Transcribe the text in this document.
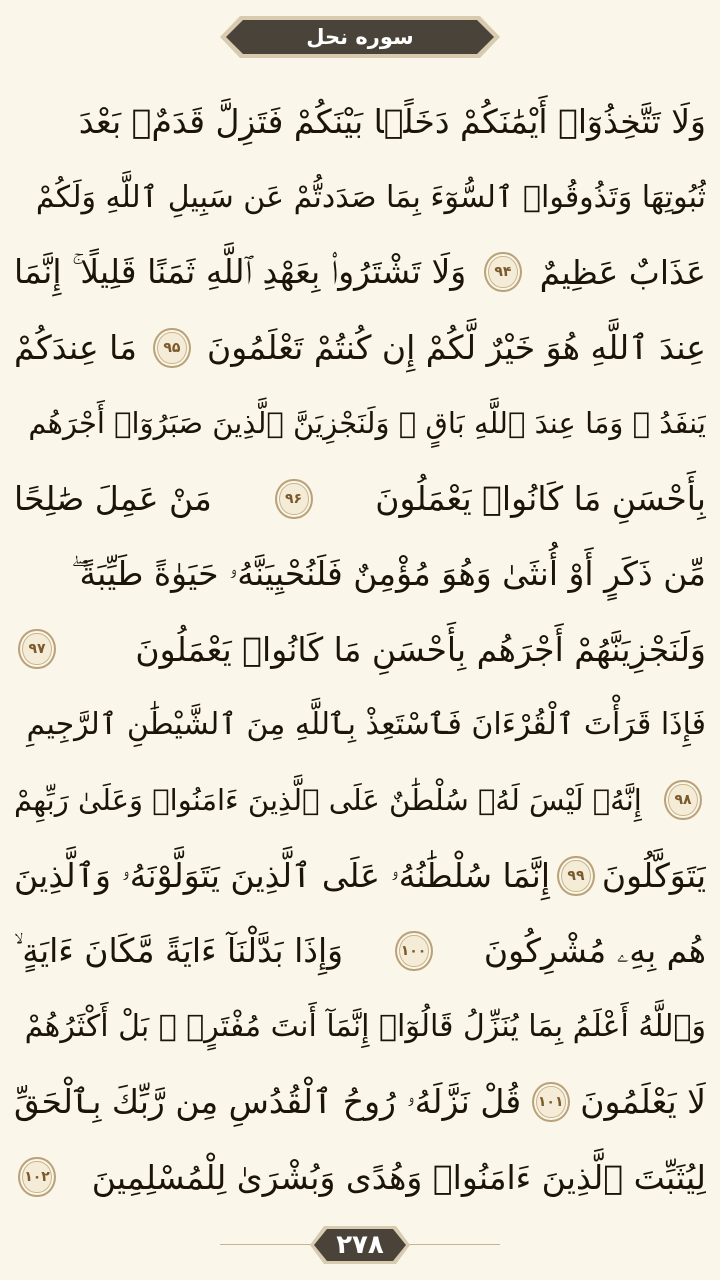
سوره نحل
وَلَا تَتَّخِذُوٓا۟ أَيْمَٰنَكُمْ دَخَلًۢا بَيْنَكُمْ فَتَزِلَّ قَدَمٌۢ بَعْدَ
ثُبُوتِهَا وَتَذُوقُوا۟ ٱلسُّوٓءَ بِمَا صَدَدتُّمْ عَن سَبِيلِ ٱللَّهِ وَلَكُمْ
عَذَابٌ عَظِيمٌ
۹۴
وَلَا تَشْتَرُوا۟ بِعَهْدِ ٱللَّهِ ثَمَنًا قَلِيلًا ۚ إِنَّمَا
عِندَ ٱللَّهِ هُوَ خَيْرٌ لَّكُمْ إِن كُنتُمْ تَعْلَمُونَ
۹۵
مَا عِندَكُمْ
يَنفَدُ ۖ وَمَا عِندَ ٱللَّهِ بَاقٍ ۗ وَلَنَجْزِيَنَّ ٱلَّذِينَ صَبَرُوٓا۟ أَجْرَهُم
بِأَحْسَنِ مَا كَانُوا۟ يَعْمَلُونَ
۹۶
مَنْ عَمِلَ صَٰلِحًا
مِّن ذَكَرٍ أَوْ أُنثَىٰ وَهُوَ مُؤْمِنٌ فَلَنُحْيِيَنَّهُۥ حَيَوٰةً طَيِّبَةً ۖ
وَلَنَجْزِيَنَّهُمْ أَجْرَهُم بِأَحْسَنِ مَا كَانُوا۟ يَعْمَلُونَ
۹۷
فَإِذَا قَرَأْتَ ٱلْقُرْءَانَ فَٱسْتَعِذْ بِٱللَّهِ مِنَ ٱلشَّيْطَٰنِ ٱلرَّجِيمِ
۹۸
إِنَّهُۥ لَيْسَ لَهُۥ سُلْطَٰنٌ عَلَى ٱلَّذِينَ ءَامَنُوا۟ وَعَلَىٰ رَبِّهِمْ
يَتَوَكَّلُونَ
۹۹
إِنَّمَا سُلْطَٰنُهُۥ عَلَى ٱلَّذِينَ يَتَوَلَّوْنَهُۥ وَٱلَّذِينَ
هُم بِهِۦ مُشْرِكُونَ
۱۰۰
وَإِذَا بَدَّلْنَآ ءَايَةً مَّكَانَ ءَايَةٍ ۙ
وَٱللَّهُ أَعْلَمُ بِمَا يُنَزِّلُ قَالُوٓا۟ إِنَّمَآ أَنتَ مُفْتَرٍۭ ۚ بَلْ أَكْثَرُهُمْ
لَا يَعْلَمُونَ
۱۰۱
قُلْ نَزَّلَهُۥ رُوحُ ٱلْقُدُسِ مِن رَّبِّكَ بِٱلْحَقِّ
لِيُثَبِّتَ ٱلَّذِينَ ءَامَنُوا۟ وَهُدًى وَبُشْرَىٰ لِلْمُسْلِمِينَ
۱۰۲
۲۷۸
